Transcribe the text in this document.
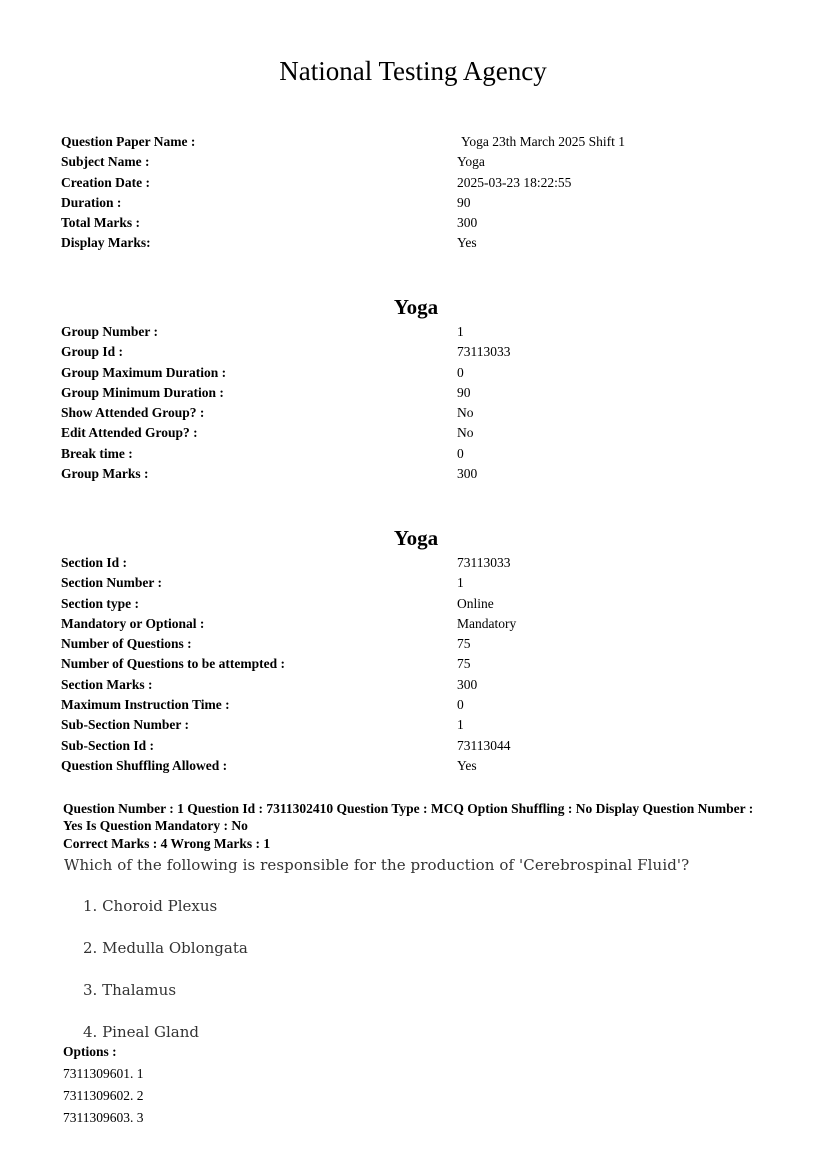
National Testing Agency
Question Paper Name :	Yoga 23th March 2025 Shift 1
Subject Name :	Yoga
Creation Date :	2025-03-23 18:22:55
Duration :	90
Total Marks :	300
Display Marks:	Yes
Yoga
Group Number :	1
Group Id :	73113033
Group Maximum Duration :	0
Group Minimum Duration :	90
Show Attended Group? :	No
Edit Attended Group? :	No
Break time :	0
Group Marks :	300
Yoga
Section Id :	73113033
Section Number :	1
Section type :	Online
Mandatory or Optional :	Mandatory
Number of Questions :	75
Number of Questions to be attempted :	75
Section Marks :	300
Maximum Instruction Time :	0
Sub-Section Number :	1
Sub-Section Id :	73113044
Question Shuffling Allowed :	Yes
Question Number : 1 Question Id : 7311302410 Question Type : MCQ Option Shuffling : No Display Question Number : Yes Is Question Mandatory : No
Correct Marks : 4 Wrong Marks : 1
Which of the following is responsible for the production of 'Cerebrospinal Fluid'?
1. Choroid Plexus
2. Medulla Oblongata
3. Thalamus
4. Pineal Gland
Options :
7311309601. 1
7311309602. 2
7311309603. 3
